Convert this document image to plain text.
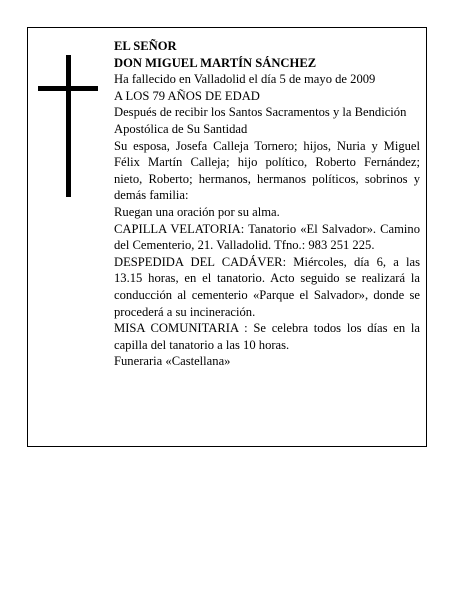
EL SEÑOR

DON MIGUEL MARTÍN SÁNCHEZ

Ha fallecido en Valladolid el día 5 de mayo de 2009

A LOS 79 AÑOS DE EDAD

Después de recibir los Santos Sacramentos y la Bendición Apostólica de Su Santidad

Su esposa, Josefa Calleja Tornero; hijos, Nuria y Miguel Félix Martín Calleja; hijo político, Roberto Fernández; nieto, Roberto; hermanos, hermanos políticos, sobrinos y demás familia:

Ruegan una oración por su alma.

CAPILLA VELATORIA: Tanatorio «El Salvador». Camino del Cementerio, 21. Valladolid. Tfno.: 983 251 225.

DESPEDIDA DEL CADÁVER: Miércoles, día 6, a las 13.15 horas, en el tanatorio. Acto seguido se realizará la conducción al cementerio «Parque el Salvador», donde se procederá a su incineración.

MISA COMUNITARIA : Se celebra todos los días en la capilla del tanatorio a las 10 horas.

Funeraria «Castellana»
